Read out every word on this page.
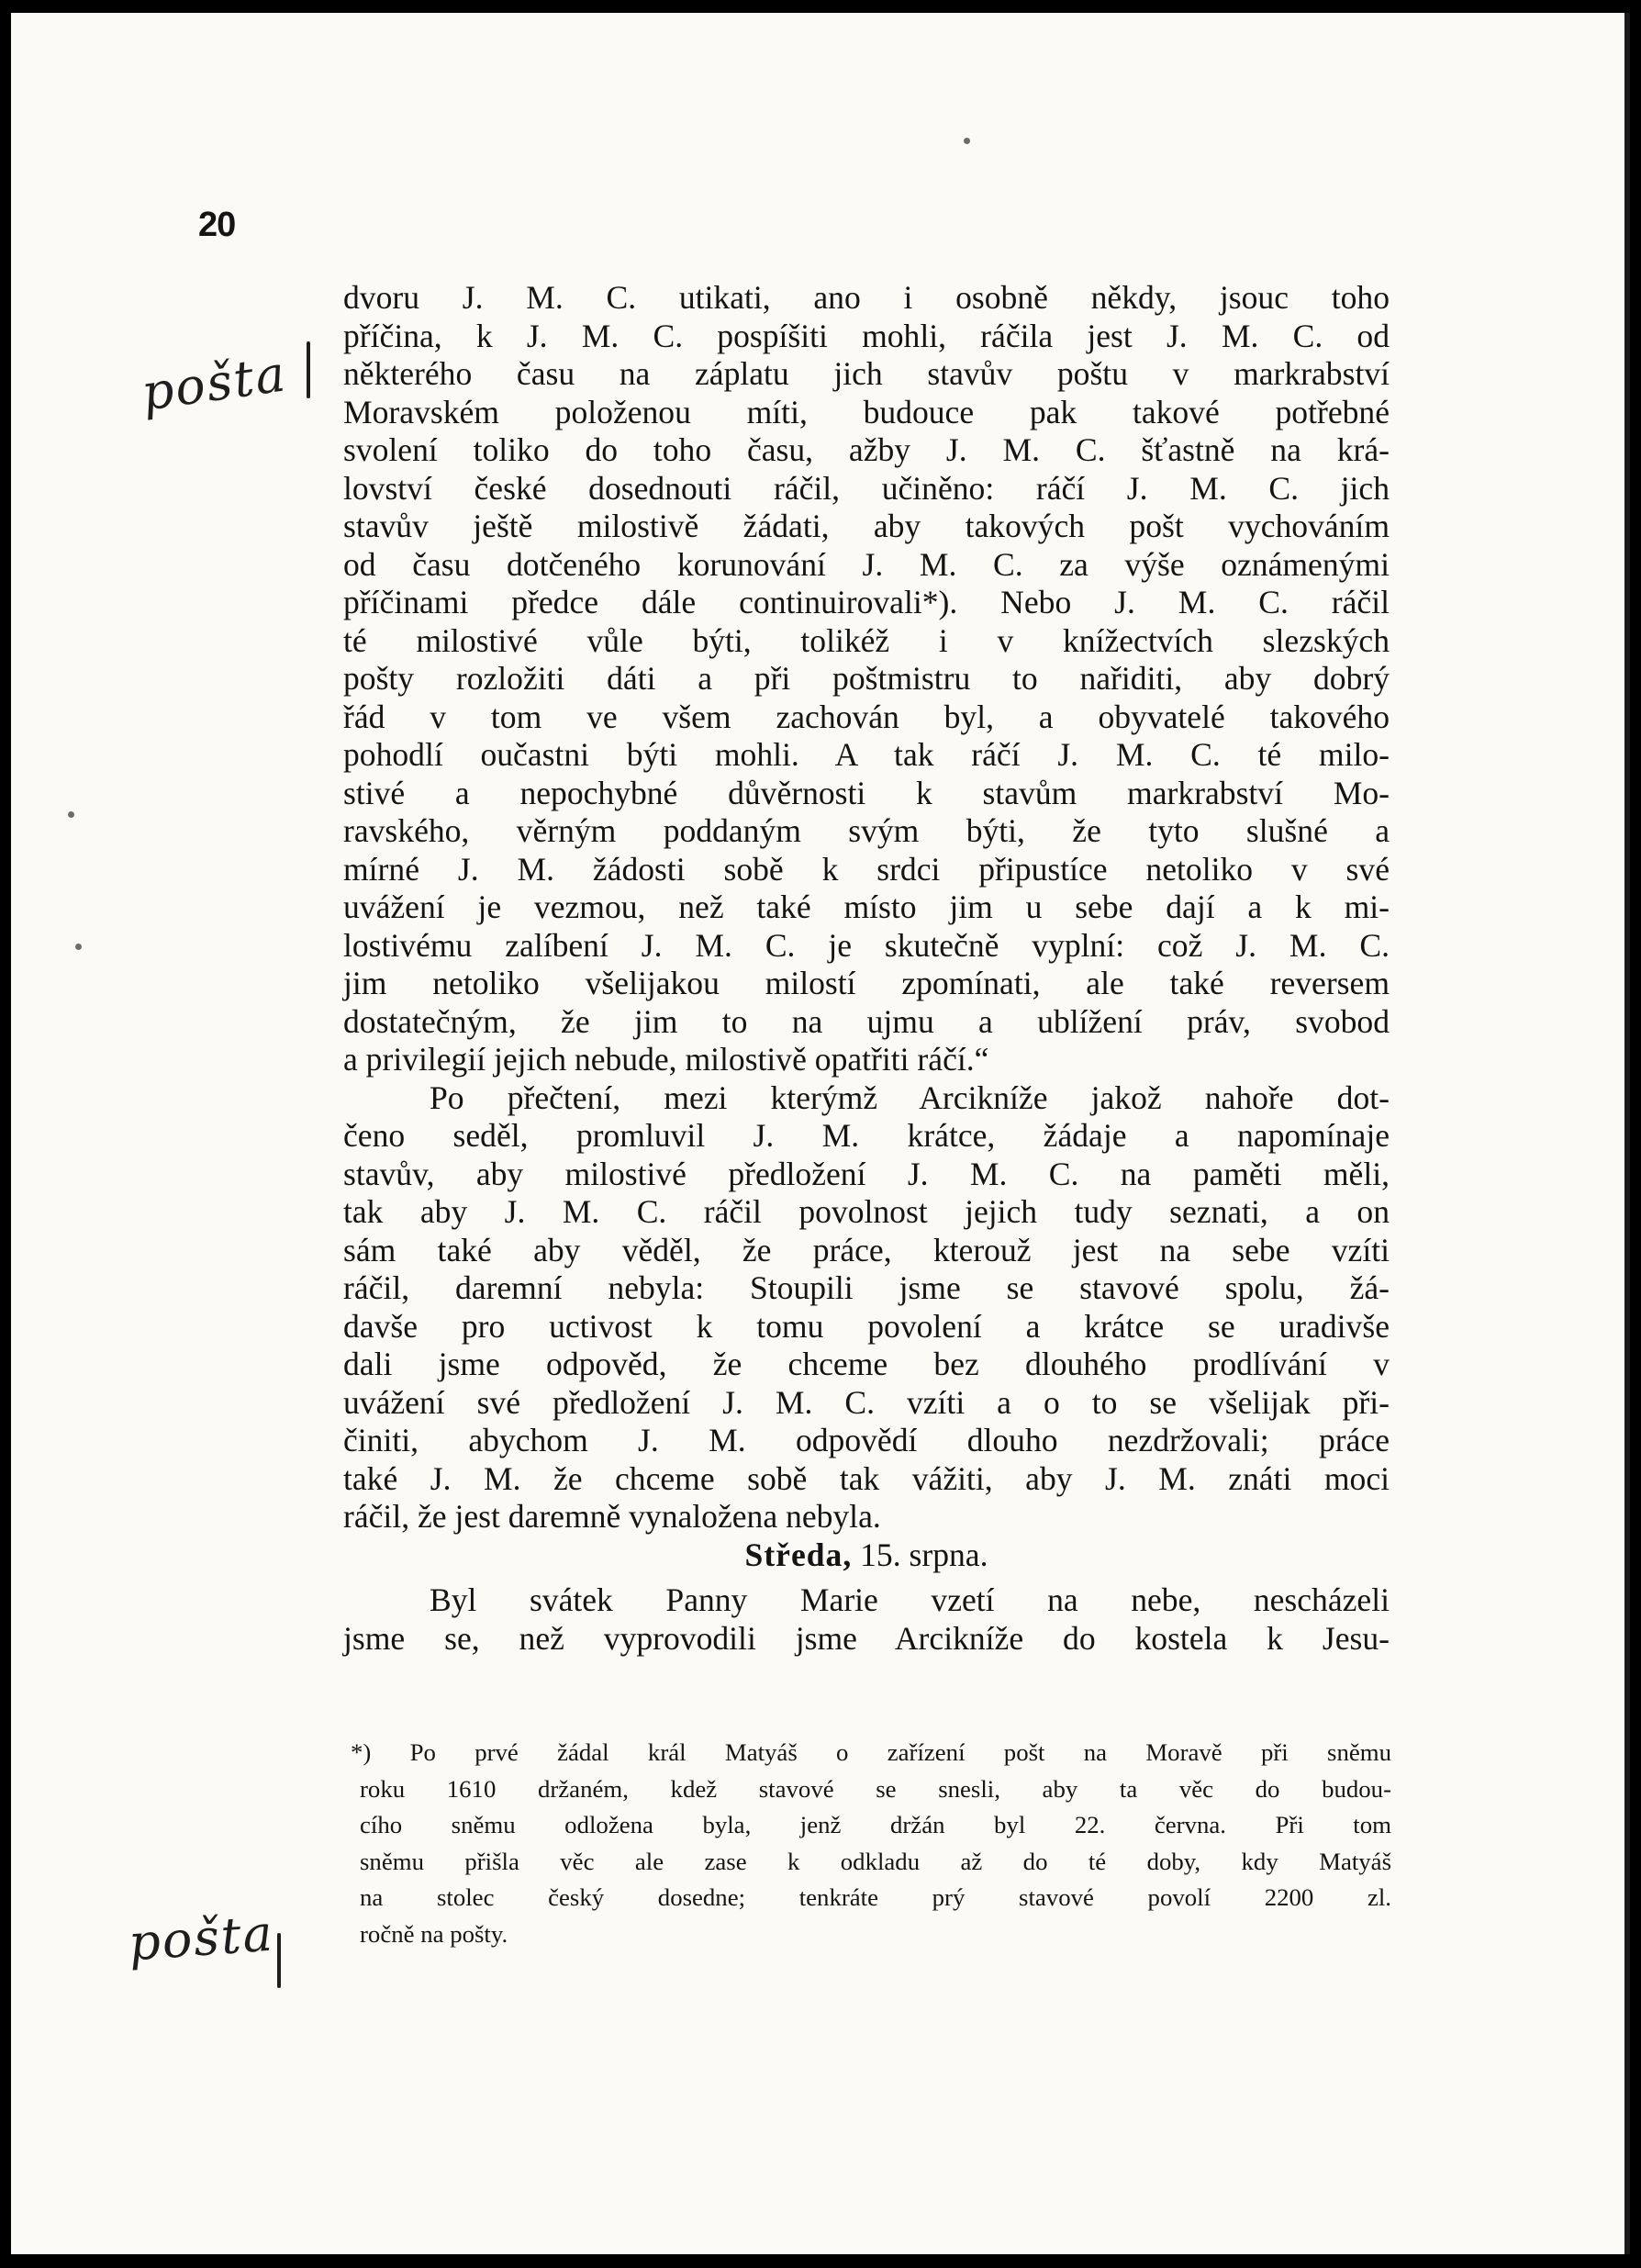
20
pošta
pošta
dvoru J. M. C. utikati, ano i osobně někdy, jsouc toho
příčina, k J. M. C. pospíšiti mohli, ráčila jest J. M. C. od
některého času na záplatu jich stavův poštu v markrabství
Moravském položenou míti, budouce pak takové potřebné
svolení toliko do toho času, ažby J. M. C. šťastně na krá-
lovství české dosednouti ráčil, učiněno: ráčí J. M. C. jich
stavův ještě milostivě žádati, aby takových pošt vychováním
od času dotčeného korunování J. M. C. za výše oznámenými
příčinami předce dále continuirovali*). Nebo J. M. C. ráčil
té milostivé vůle býti, tolikéž i v knížectvích slezských
pošty rozložiti dáti a při poštmistru to nařiditi, aby dobrý
řád v tom ve všem zachován byl, a obyvatelé takového
pohodlí oučastni býti mohli. A tak ráčí J. M. C. té milo-
stivé a nepochybné důvěrnosti k stavům markrabství Mo-
ravského, věrným poddaným svým býti, že tyto slušné a
mírné J. M. žádosti sobě k srdci připustíce netoliko v své
uvážení je vezmou, než také místo jim u sebe dají a k mi-
lostivému zalíbení J. M. C. je skutečně vyplní: což J. M. C.
jim netoliko všelijakou milostí zpomínati, ale také reversem
dostatečným, že jim to na ujmu a ublížení práv, svobod
a privilegií jejich nebude, milostivě opatřiti ráčí.“
Po přečtení, mezi kterýmž Arcikníže jakož nahoře dot-
čeno seděl, promluvil J. M. krátce, žádaje a napomínaje
stavův, aby milostivé předložení J. M. C. na paměti měli,
tak aby J. M. C. ráčil povolnost jejich tudy seznati, a on
sám také aby věděl, že práce, kterouž jest na sebe vzíti
ráčil, daremní nebyla: Stoupili jsme se stavové spolu, žá-
davše pro uctivost k tomu povolení a krátce se uradivše
dali jsme odpověd, že chceme bez dlouhého prodlívání v
uvážení své předložení J. M. C. vzíti a o to se všelijak při-
činiti, abychom J. M. odpovědí dlouho nezdržovali; práce
také J. M. že chceme sobě tak vážiti, aby J. M. znáti moci
ráčil, že jest daremně vynaložena nebyla.
Středa, 15. srpna.
Byl svátek Panny Marie vzetí na nebe, nescházeli
jsme se, než vyprovodili jsme Arcikníže do kostela k Jesu-
*) Po prvé žádal král Matyáš o zařízení pošt na Moravě při sněmu
roku 1610 držaném, kdež stavové se snesli, aby ta věc do budou-
cího sněmu odložena byla, jenž držán byl 22. června. Při tom
sněmu přišla věc ale zase k odkladu až do té doby, kdy Matyáš
na stolec český dosedne; tenkráte prý stavové povolí 2200 zl.
ročně na pošty.
